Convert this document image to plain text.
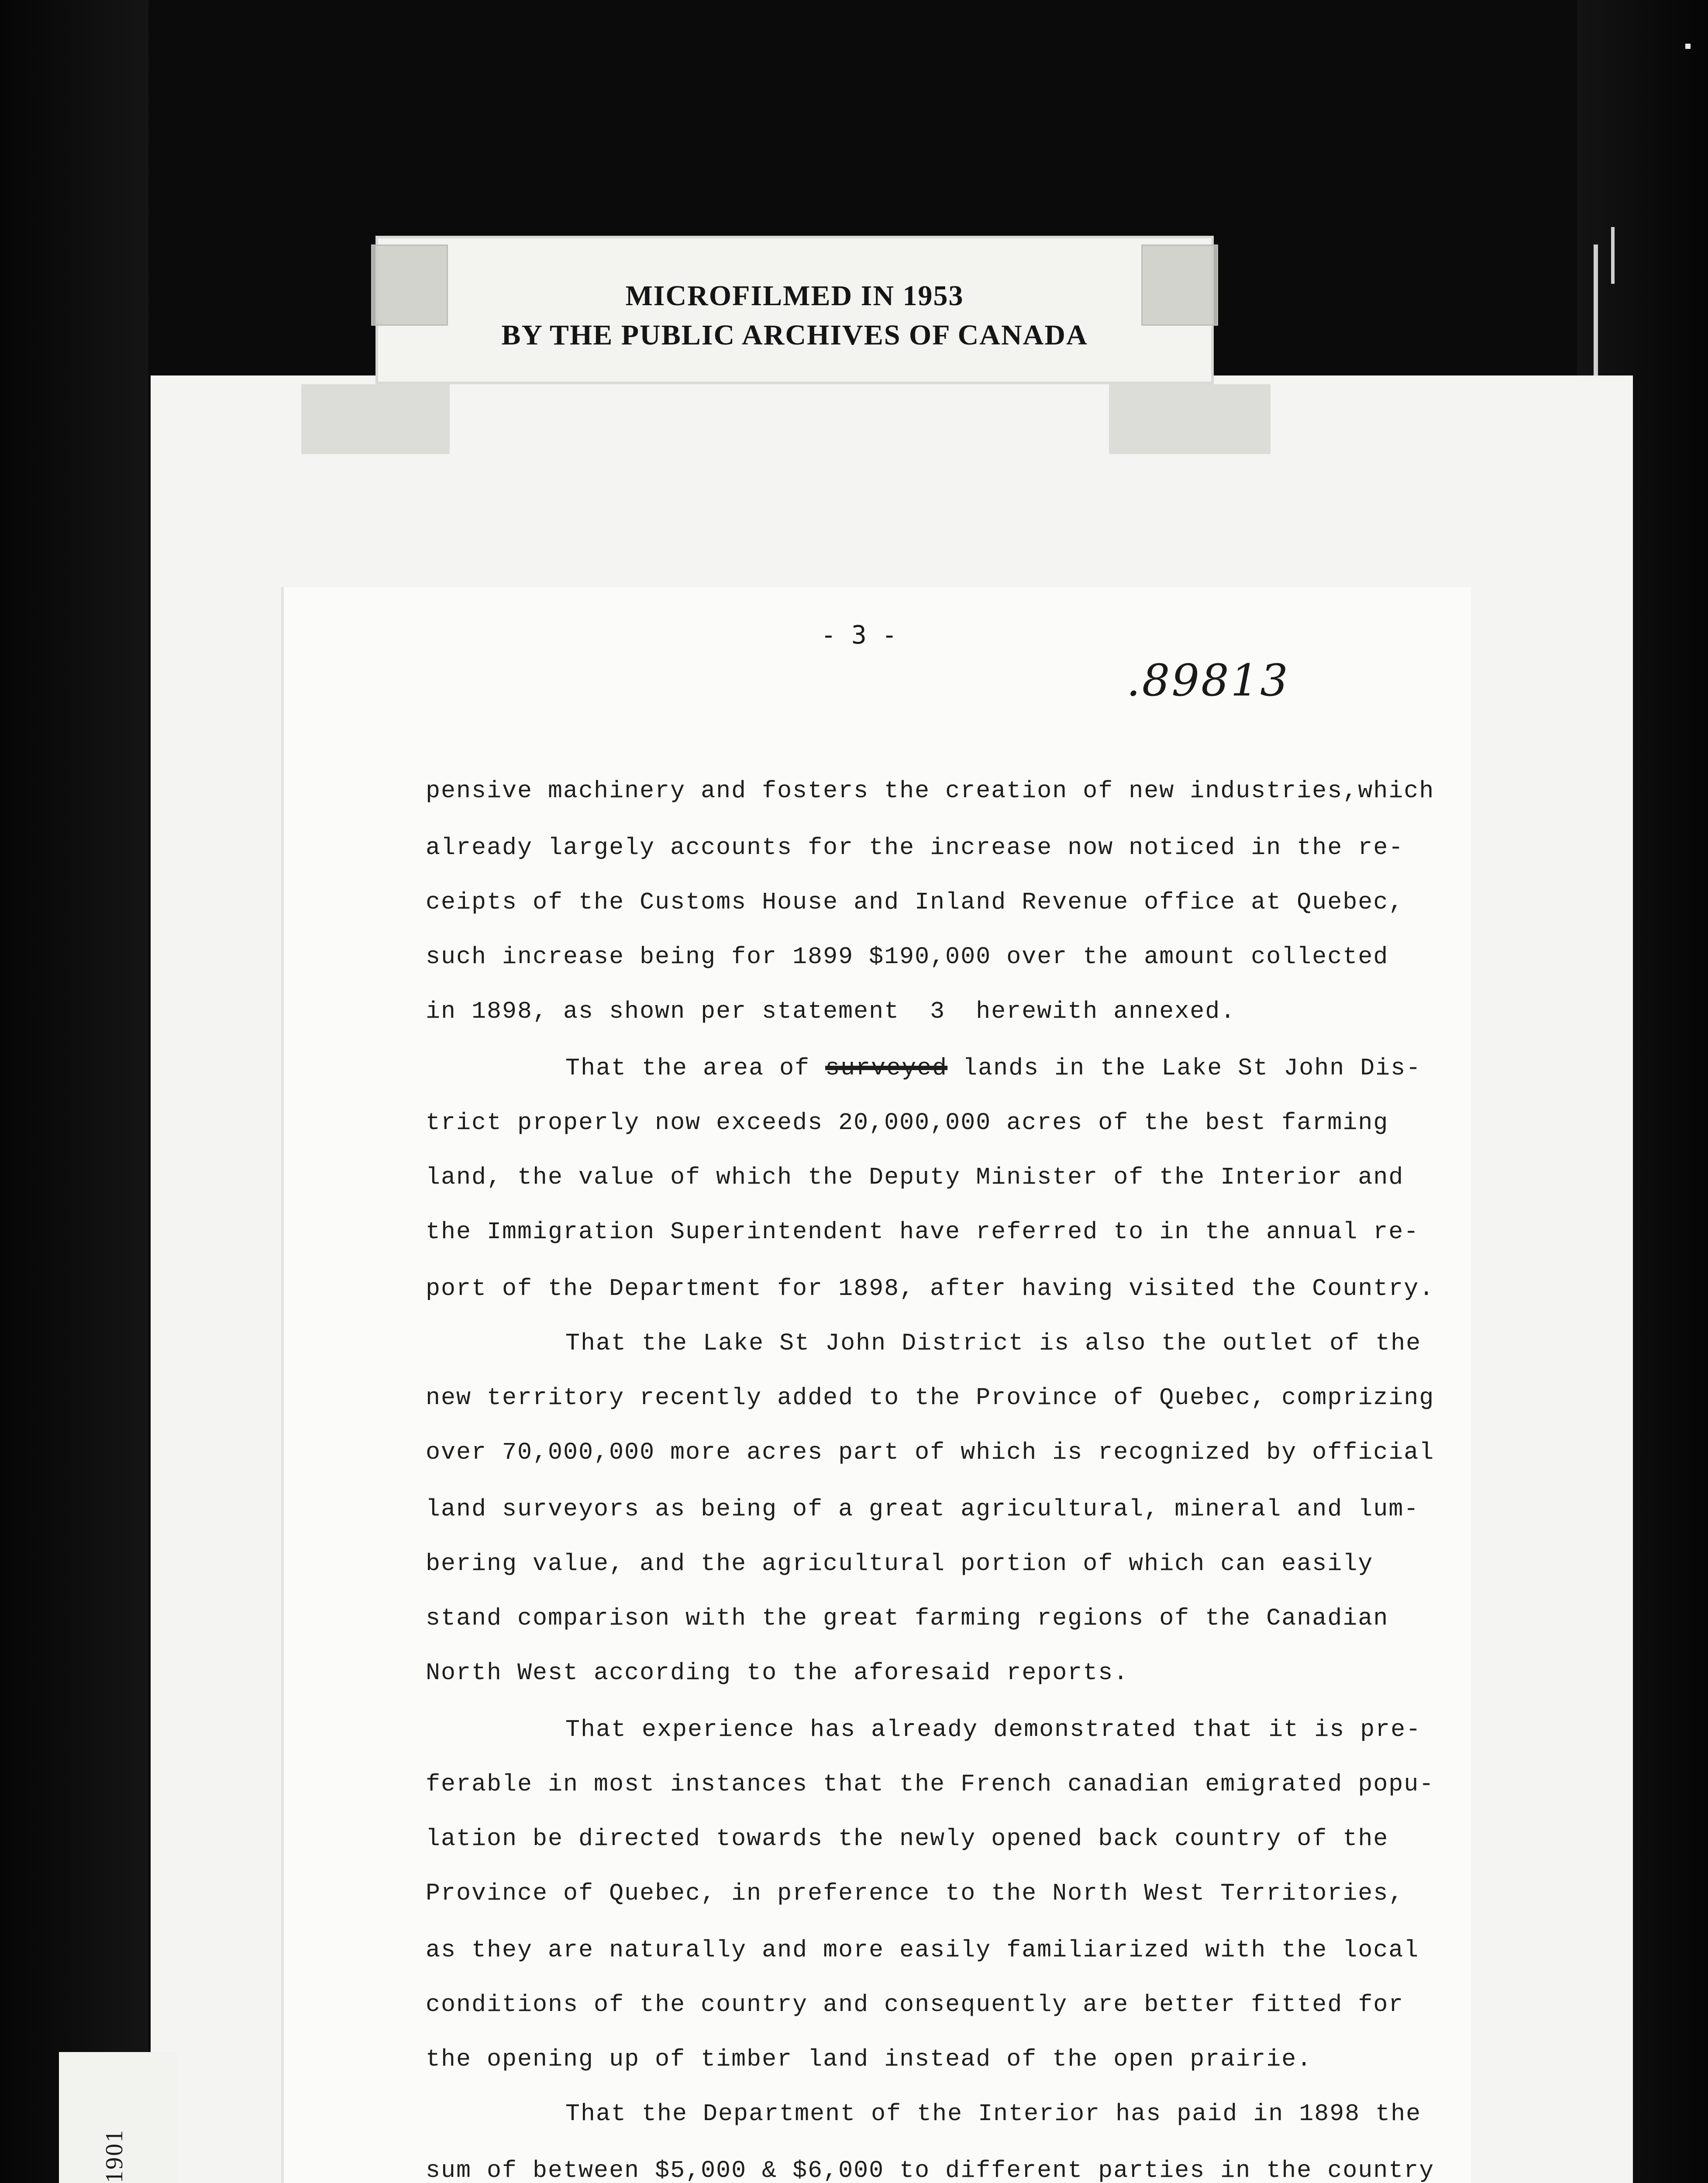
MICROFILMED IN 1953
BY THE PUBLIC ARCHIVES OF CANADA
- 3 -
.89813
pensive machinery and fosters the creation of new industries,which
already largely accounts for the increase now noticed in the re-
ceipts of the Customs House and Inland Revenue office at Quebec,
such increase being for 1899 $190,000 over the amount collected
in 1898, as shown per statement  3  herewith annexed.
That the area of surveyed lands in the Lake St John Dis-
trict properly now exceeds 20,000,000 acres of the best farming
land, the value of which the Deputy Minister of the Interior and
the Immigration Superintendent have referred to in the annual re-
port of the Department for 1898, after having visited the Country.
That the Lake St John District is also the outlet of the
new territory recently added to the Province of Quebec, comprizing
over 70,000,000 more acres part of which is recognized by official
land surveyors as being of a great agricultural, mineral and lum-
bering value, and the agricultural portion of which can easily
stand comparison with the great farming regions of the Canadian
North West according to the aforesaid reports.
That experience has already demonstrated that it is pre-
ferable in most instances that the French canadian emigrated popu-
lation be directed towards the newly opened back country of the
Province of Quebec, in preference to the North West Territories,
as they are naturally and more easily familiarized with the local
conditions of the country and consequently are better fitted for
the opening up of timber land instead of the open prairie.
That the Department of the Interior has paid in 1898 the
sum of between $5,000 & $6,000 to different parties in the country
1901
